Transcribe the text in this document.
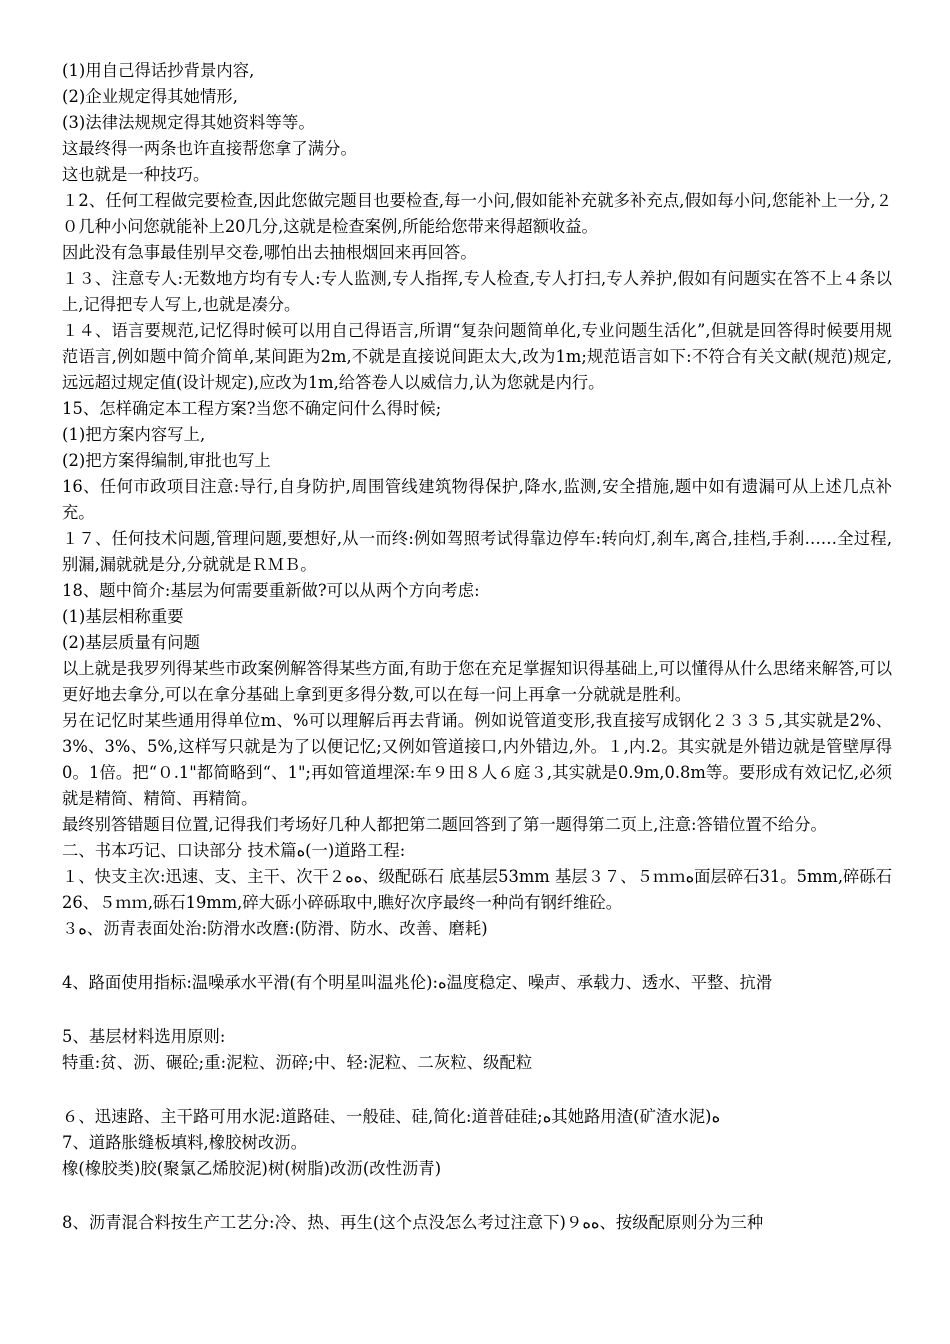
(1)用自己得话抄背景内容,

(2)企业规定得其她情形,

(3)法律法规规定得其她资料等等。

这最终得一两条也许直接帮您拿了满分。

这也就是一种技巧。

１2、任何工程做完要检查,因此您做完题目也要检查,每一小问,假如能补充就多补充点,假如每小问,您能补上一分,２０几种小问您就能补上20几分,这就是检查案例,所能给您带来得超额收益。

因此没有急事最佳别早交卷,哪怕出去抽根烟回来再回答。

１３、注意专人:无数地方均有专人:专人监测,专人指挥,专人检查,专人打扫,专人养护,假如有问题实在答不上４条以上,记得把专人写上,也就是凑分。

１４、语言要规范,记忆得时候可以用自己得语言,所谓“复杂问题简单化,专业问题生活化”,但就是回答得时候要用规范语言,例如题中简介简单,某间距为2m,不就是直接说间距太大,改为1m;规范语言如下:不符合有关文献(规范)规定,远远超过规定值(设计规定),应改为1m,给答卷人以威信力,认为您就是内行。

15、怎样确定本工程方案?当您不确定问什么得时候;

(1)把方案内容写上,

(2)把方案得编制,审批也写上

16、任何市政项目注意:导行,自身防护,周围管线建筑物得保护,降水,监测,安全措施,题中如有遗漏可从上述几点补充。

１７、任何技术问题,管理问题,要想好,从一而终:例如驾照考试得靠边停车:转向灯,刹车,离合,挂档,手刹……全过程,别漏,漏就就是分,分就就是ＲＭＢ。

18、题中简介:基层为何需要重新做?可以从两个方向考虑:

(1)基层相称重要

(2)基层质量有问题

以上就是我罗列得某些市政案例解答得某些方面,有助于您在充足掌握知识得基础上,可以懂得从什么思绪来解答,可以更好地去拿分,可以在拿分基础上拿到更多得分数,可以在每一问上再拿一分就就是胜利。

另在记忆时某些通用得单位m、%可以理解后再去背诵。例如说管道变形,我直接写成钢化２３３５,其实就是2%、3%、3%、5%,这样写只就是为了以便记忆;又例如管道接口,内外错边,外。１,内.2。其实就是外错边就是管壁厚得0。1倍。把“０.1"都简略到“、1";再如管道埋深:车９田８人６庭３,其实就是0.9m,0.8m等。要形成有效记忆,必须就是精简、精简、再精简。

最终别答错题目位置,记得我们考场好几种人都把第二题回答到了第一题得第二页上,注意:答错位置不给分。

二、书本巧记、口诀部分 技术篇ﻩ(一)道路工程:

１、快支主次:迅速、支、主干、次干２ﻩﻩ、级配砾石 底基层53mm 基层３７、５ｍｍﻩ面层碎石31。5mm,碎砾石26、５ｍｍ,砾石19mm,碎大砾小碎砾取中,瞧好次序最终一种尚有钢纤维砼。

３ﻩ、沥青表面处治:防滑水改麿:(防滑、防水、改善、磨耗)

4、路面使用指标:温噪承水平滑(有个明星叫温兆伦):ﻩ温度稳定、噪声、承载力、透水、平整、抗滑

5、基层材料选用原则:

特重:贫、沥、碾砼;重:泥粒、沥碎;中、轻:泥粒、二灰粒、级配粒

６、迅速路、主干路可用水泥:道路硅、一般硅、硅,简化:道普硅硅;ﻩ其她路用渣(矿渣水泥)ﻩ

7、道路胀缝板填料,橡胶树改沥。

橡(橡胶类)胶(聚氯乙烯胶泥)树(树脂)改沥(改性沥青)

8、沥青混合料按生产工艺分:冷、热、再生(这个点没怎么考过注意下)９ﻩﻩ、按级配原则分为三种
